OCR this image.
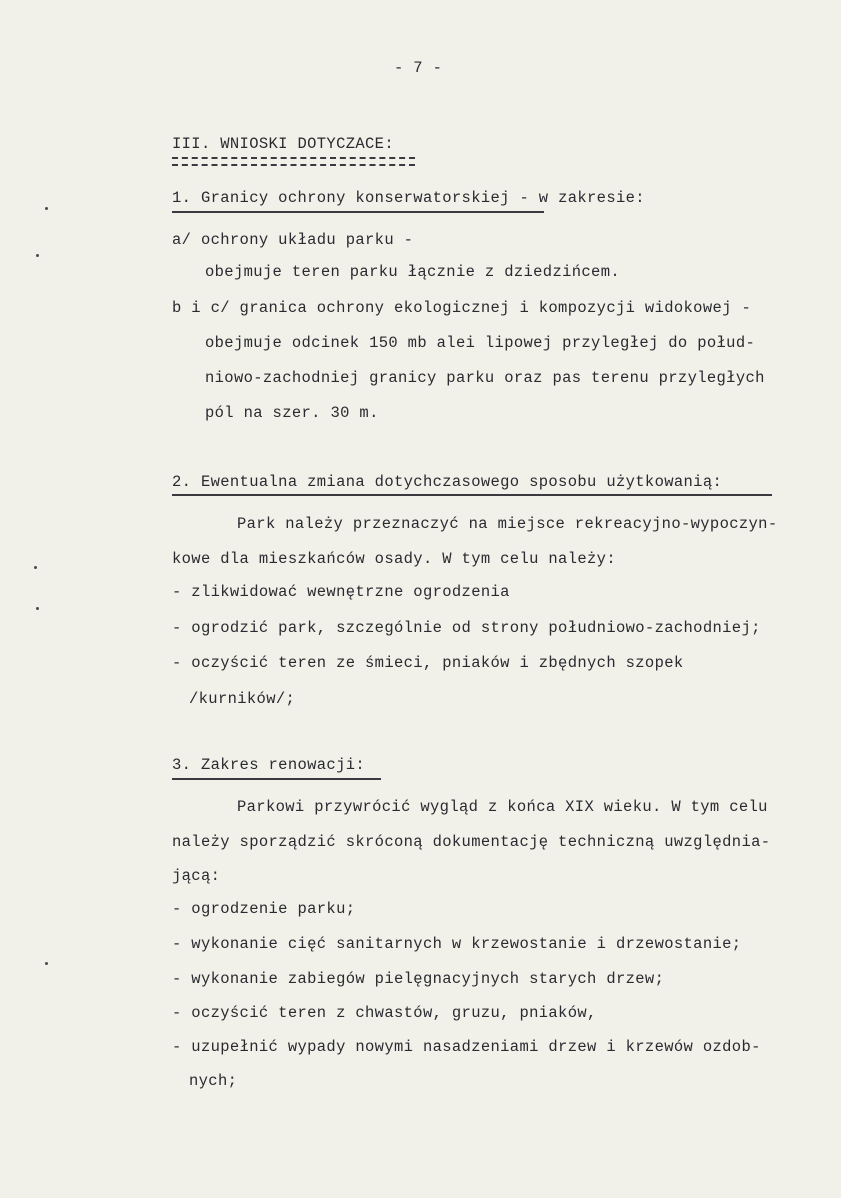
- 7 -
III. WNIOSKI DOTYCZACE:
1. Granicy ochrony konserwatorskiej - w zakresie:
a/ ochrony układu parku -
obejmuje teren parku łącznie z dziedzińcem.
b i c/ granica ochrony ekologicznej i kompozycji widokowej -
obejmuje odcinek 150 mb alei lipowej przyległej do połud-
niowo-zachodniej granicy parku oraz pas terenu przyległych
pól na szer. 30 m.
2. Ewentualna zmiana dotychczasowego sposobu użytkowanią:
Park należy przeznaczyć na miejsce rekreacyjno-wypoczyn-
kowe dla mieszkańców osady. W tym celu należy:
- zlikwidować wewnętrzne ogrodzenia
- ogrodzić park, szczególnie od strony południowo-zachodniej;
- oczyścić teren ze śmieci, pniaków i zbędnych szopek
/kurników/;
3. Zakres renowacji:
Parkowi przywrócić wygląd z końca XIX wieku. W tym celu
należy sporządzić skróconą dokumentację techniczną uwzględnia-
jącą:
- ogrodzenie parku;
- wykonanie cięć sanitarnych w krzewostanie i drzewostanie;
- wykonanie zabiegów pielęgnacyjnych starych drzew;
- oczyścić teren z chwastów, gruzu, pniaków,
- uzupełnić wypady nowymi nasadzeniami drzew i krzewów ozdob-
nych;
